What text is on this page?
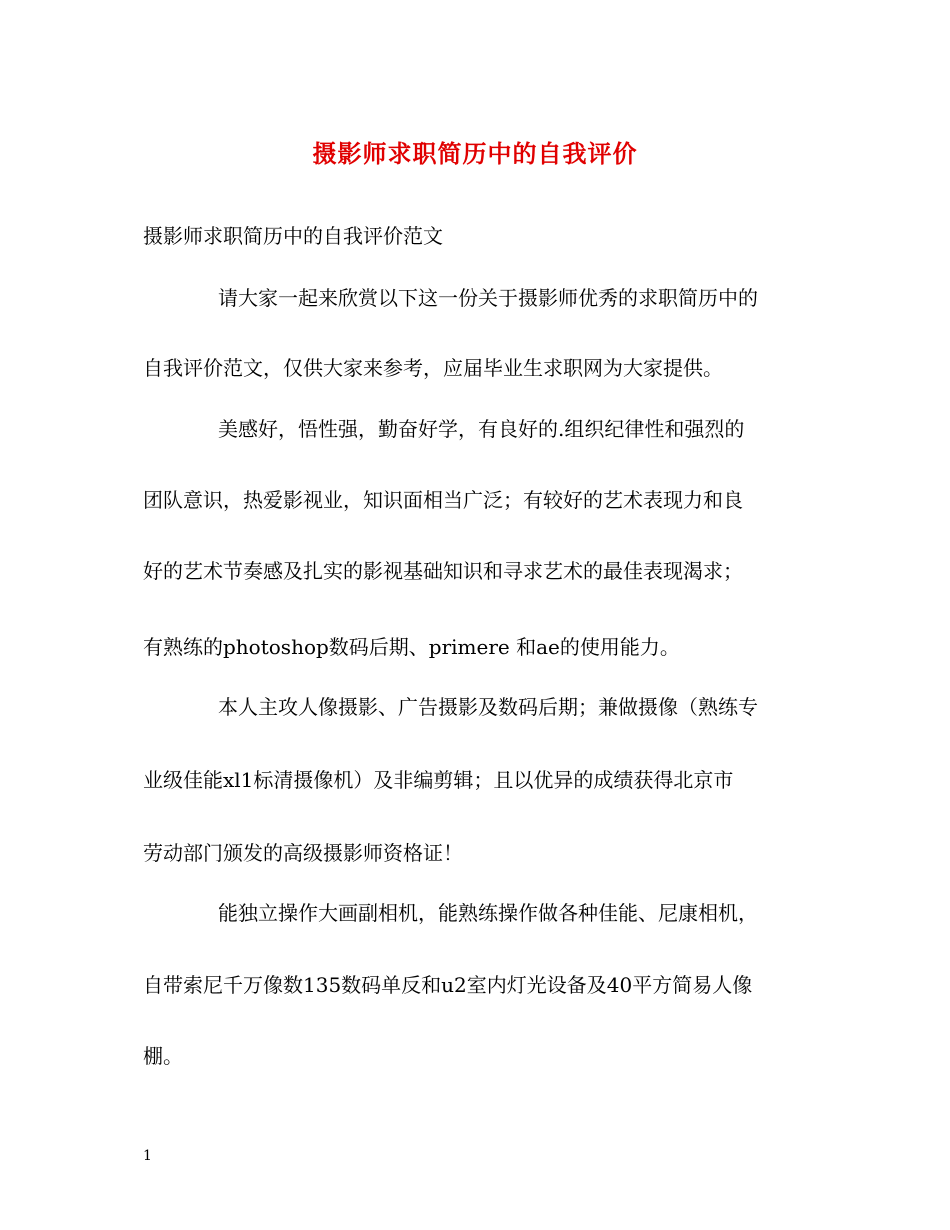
摄影师求职简历中的自我评价
摄影师求职简历中的自我评价范文
请大家一起来欣赏以下这一份关于摄影师优秀的求职简历中的
自我评价范文，仅供大家来参考，应届毕业生求职网为大家提供。
美感好，悟性强，勤奋好学，有良好的.组织纪律性和强烈的
团队意识，热爱影视业，知识面相当广泛；有较好的艺术表现力和良
好的艺术节奏感及扎实的影视基础知识和寻求艺术的最佳表现渴求；
有熟练的photoshop数码后期、primere 和ae的使用能力。
本人主攻人像摄影、广告摄影及数码后期；兼做摄像（熟练专
业级佳能xl1标清摄像机）及非编剪辑；且以优异的成绩获得北京市
劳动部门颁发的高级摄影师资格证！
能独立操作大画副相机，能熟练操作做各种佳能、尼康相机，
自带索尼千万像数135数码单反和u2室内灯光设备及40平方简易人像
棚。
1
